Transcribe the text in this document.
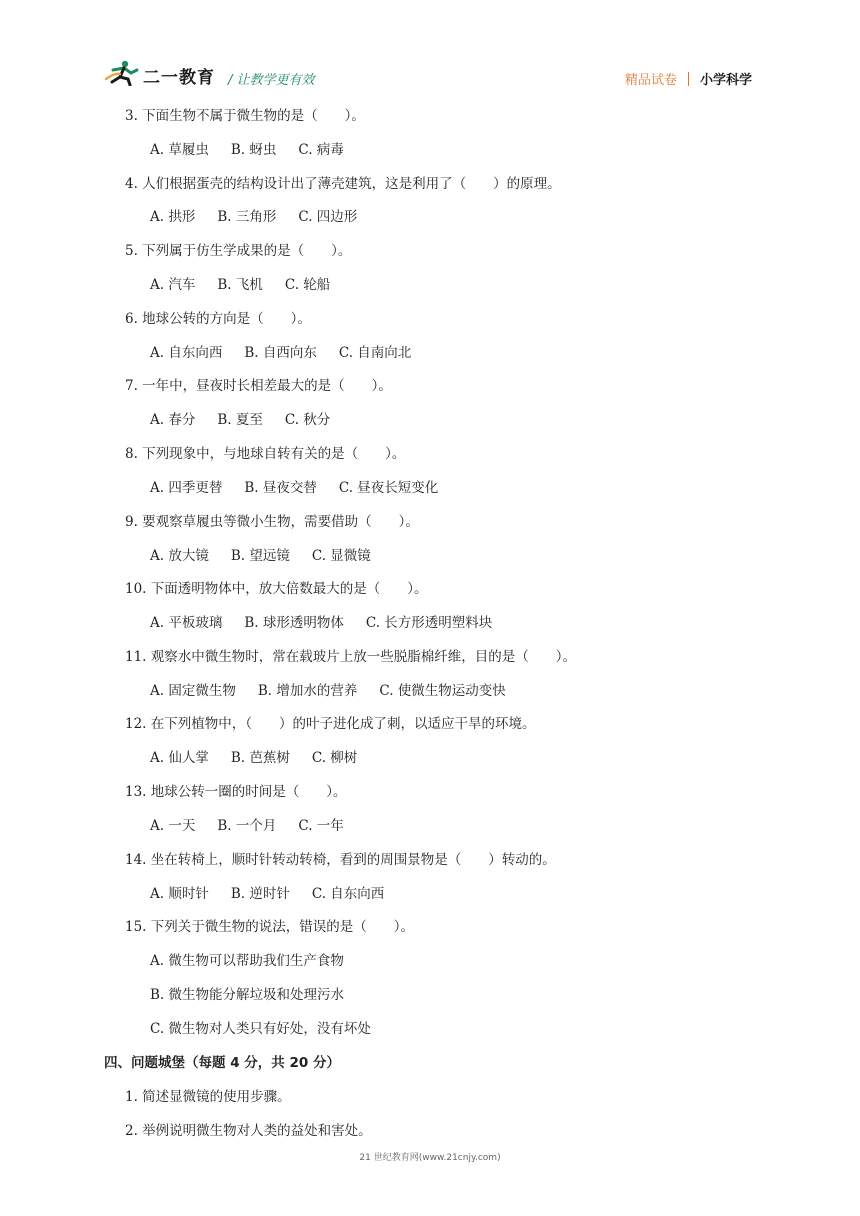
二一教育 / 让教学更有效	精品试卷 小学科学
3. 下面生物不属于微生物的是（　　）。
A. 草履虫 B. 蚜虫 C. 病毒
4. 人们根据蛋壳的结构设计出了薄壳建筑，这是利用了（　　）的原理。
A. 拱形 B. 三角形 C. 四边形
5. 下列属于仿生学成果的是（　　）。
A. 汽车 B. 飞机 C. 轮船
6. 地球公转的方向是（　　）。
A. 自东向西 B. 自西向东 C. 自南向北
7. 一年中，昼夜时长相差最大的是（　　）。
A. 春分 B. 夏至 C. 秋分
8. 下列现象中，与地球自转有关的是（　　）。
A. 四季更替 B. 昼夜交替 C. 昼夜长短变化
9. 要观察草履虫等微小生物，需要借助（　　）。
A. 放大镜 B. 望远镜 C. 显微镜
10. 下面透明物体中，放大倍数最大的是（　　）。
A. 平板玻璃 B. 球形透明物体 C. 长方形透明塑料块
11. 观察水中微生物时，常在载玻片上放一些脱脂棉纤维，目的是（　　）。
A. 固定微生物 B. 增加水的营养 C. 使微生物运动变快
12. 在下列植物中，（　　）的叶子进化成了刺，以适应干旱的环境。
A. 仙人掌 B. 芭蕉树 C. 柳树
13. 地球公转一圈的时间是（　　）。
A. 一天 B. 一个月 C. 一年
14. 坐在转椅上，顺时针转动转椅，看到的周围景物是（　　）转动的。
A. 顺时针 B. 逆时针 C. 自东向西
15. 下列关于微生物的说法，错误的是（　　）。
A. 微生物可以帮助我们生产食物
B. 微生物能分解垃圾和处理污水
C. 微生物对人类只有好处，没有坏处
四、问题城堡（每题 4 分，共 20 分）
1. 简述显微镜的使用步骤。
2. 举例说明微生物对人类的益处和害处。
21 世纪教育网(www.21cnjy.com)
